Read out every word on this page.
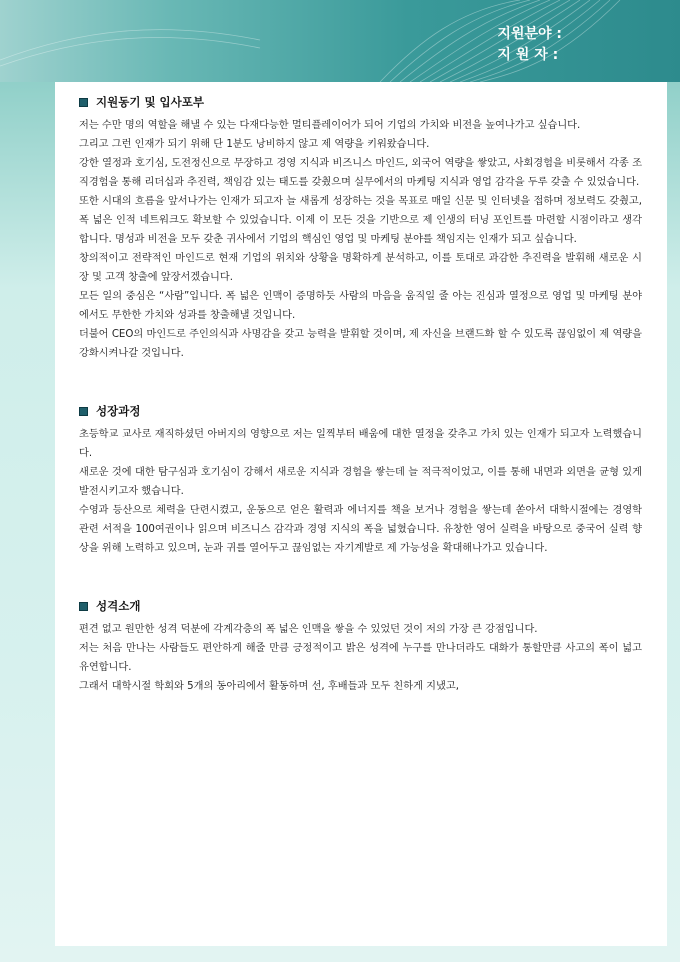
지원분야 :
지 원 자 :
지원동기 및 입사포부

저는 수만 명의 역할을 해낼 수 있는 다재다능한 멀티플레이어가 되어 기업의 가치와 비전을 높여나가고 싶습니다.

그리고 그런 인재가 되기 위해 단 1분도 낭비하지 않고 제 역량을 키워왔습니다.

강한 열정과 호기심, 도전정신으로 무장하고 경영 지식과 비즈니스 마인드, 외국어 역량을 쌓았고, 사회경험을 비롯해서 각종 조직경험을 통해 리더십과 추진력, 책임감 있는 태도를 갖췄으며 실무에서의 마케팅 지식과 영업 감각을 두루 갖출 수 있었습니다.

또한 시대의 흐름을 앞서나가는 인재가 되고자 늘 새롭게 성장하는 것을 목표로 매일 신문 및 인터넷을 접하며 정보력도 갖췄고, 폭 넓은 인적 네트워크도 확보할 수 있었습니다. 이제 이 모든 것을 기반으로 제 인생의 터닝 포인트를 마련할 시점이라고 생각합니다. 명성과 비전을 모두 갖춘 귀사에서 기업의 핵심인 영업 및 마케팅 분야를 책임지는 인재가 되고 싶습니다.

창의적이고 전략적인 마인드로 현재 기업의 위치와 상황을 명확하게 분석하고, 이를 토대로 과감한 추진력을 발휘해 새로운 시장 및 고객 창출에 앞장서겠습니다.

모든 일의 중심은 “사람”입니다. 폭 넓은 인맥이 증명하듯 사람의 마음을 움직일 줄 아는 진심과 열정으로 영업 및 마케팅 분야에서도 무한한 가치와 성과를 창출해낼 것입니다.

더불어 CEO의 마인드로 주인의식과 사명감을 갖고 능력을 발휘할 것이며, 제 자신을 브랜드화 할 수 있도록 끊임없이 제 역량을 강화시켜나갈 것입니다.

성장과정

초등학교 교사로 재직하셨던 아버지의 영향으로 저는 일찍부터 배움에 대한 열정을 갖추고 가치 있는 인재가 되고자 노력했습니다.

새로운 것에 대한 탐구심과 호기심이 강해서 새로운 지식과 경험을 쌓는데 늘 적극적이었고, 이를 통해 내면과 외면을 균형 있게 발전시키고자 했습니다.

수영과 등산으로 체력을 단련시켰고, 운동으로 얻은 활력과 에너지를 책을 보거나 경험을 쌓는데 쏟아서 대학시절에는 경영학 관련 서적을 100여권이나 읽으며 비즈니스 감각과 경영 지식의 폭을 넓혔습니다. 유창한 영어 실력을 바탕으로 중국어 실력 향상을 위해 노력하고 있으며, 눈과 귀를 열어두고 끊임없는 자기계발로 제 가능성을 확대해나가고 있습니다.

성격소개

편견 없고 원만한 성격 덕분에 각계각층의 폭 넓은 인맥을 쌓을 수 있었던 것이 저의 가장 큰 강점입니다.

저는 처음 만나는 사람들도 편안하게 해줄 만큼 긍정적이고 밝은 성격에 누구를 만나더라도 대화가 통할만큼 사고의 폭이 넓고 유연합니다.

그래서 대학시절 학회와 5개의 동아리에서 활동하며 선, 후배들과 모두 친하게 지냈고,
